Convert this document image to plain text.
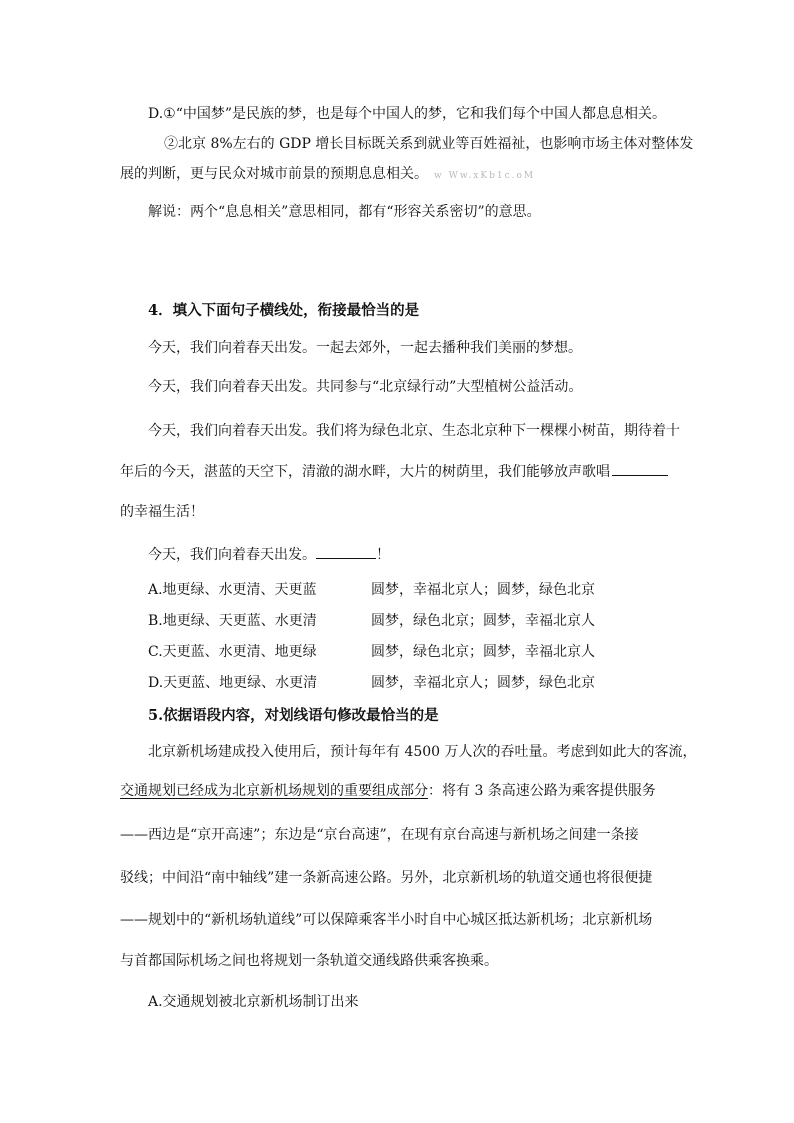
D.①“中国梦”是民族的梦，也是每个中国人的梦，它和我们每个中国人都息息相关。
②北京 8%左右的 GDP 增长目标既关系到就业等百姓福祉，也影响市场主体对整体发
展的判断，更与民众对城市前景的预期息息相关。 w Ww.xKb1c.oM
解说：两个“息息相关”意思相同，都有“形容关系密切”的意思。
4．填入下面句子横线处，衔接最恰当的是
今天，我们向着春天出发。一起去郊外，一起去播种我们美丽的梦想。
今天，我们向着春天出发。共同参与“北京绿行动”大型植树公益活动。
今天，我们向着春天出发。我们将为绿色北京、生态北京种下一棵棵小树苗，期待着十
年后的今天，湛蓝的天空下，清澈的湖水畔，大片的树荫里，我们能够放声歌唱
的幸福生活！
今天，我们向着春天出发。	！
A.地更绿、水更清、天更蓝	圆梦，幸福北京人；圆梦，绿色北京
B.地更绿、天更蓝、水更清	圆梦，绿色北京；圆梦，幸福北京人
C.天更蓝、水更清、地更绿	圆梦，绿色北京；圆梦，幸福北京人
D.天更蓝、地更绿、水更清	圆梦，幸福北京人；圆梦，绿色北京
5.依据语段内容，对划线语句修改最恰当的是
北京新机场建成投入使用后，预计每年有 4500 万人次的吞吐量。考虑到如此大的客流，
交通规划已经成为北京新机场规划的重要组成部分：将有 3 条高速公路为乘客提供服务
——西边是“京开高速”；东边是“京台高速”，在现有京台高速与新机场之间建一条接
驳线；中间沿“南中轴线”建一条新高速公路。另外，北京新机场的轨道交通也将很便捷
——规划中的“新机场轨道线”可以保障乘客半小时自中心城区抵达新机场；北京新机场
与首都国际机场之间也将规划一条轨道交通线路供乘客换乘。
A.交通规划被北京新机场制订出来
